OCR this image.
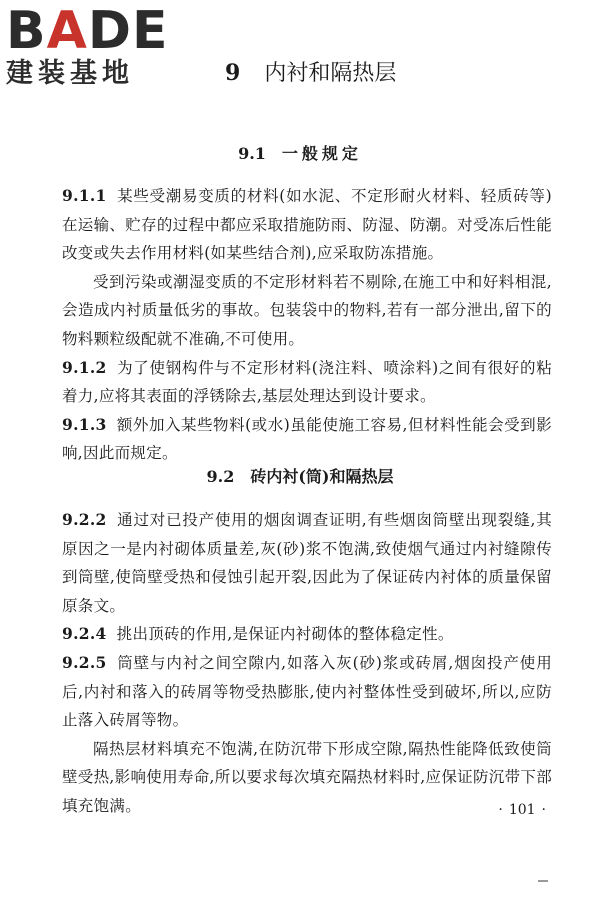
BADE
建装基地	9 内衬和隔热层
9.1 一般规定

9.1.1 某些受潮易变质的材料(如水泥、不定形耐火材料、轻质砖等)在运输、贮存的过程中都应采取措施防雨、防湿、防潮。对受冻后性能改变或失去作用材料(如某些结合剂),应采取防冻措施。

受到污染或潮湿变质的不定形材料若不剔除,在施工中和好料相混,会造成内衬质量低劣的事故。包装袋中的物料,若有一部分泄出,留下的物料颗粒级配就不准确,不可使用。

9.1.2 为了使钢构件与不定形材料(浇注料、喷涂料)之间有很好的粘着力,应将其表面的浮锈除去,基层处理达到设计要求。

9.1.3 额外加入某些物料(或水)虽能使施工容易,但材料性能会受到影响,因此而规定。

9.2 砖内衬(筒)和隔热层

9.2.2 通过对已投产使用的烟囱调查证明,有些烟囱筒壁出现裂缝,其原因之一是内衬砌体质量差,灰(砂)浆不饱满,致使烟气通过内衬缝隙传到筒壁,使筒壁受热和侵蚀引起开裂,因此为了保证砖内衬体的质量保留原条文。

9.2.4 挑出顶砖的作用,是保证内衬砌体的整体稳定性。

9.2.5 筒壁与内衬之间空隙内,如落入灰(砂)浆或砖屑,烟囱投产使用后,内衬和落入的砖屑等物受热膨胀,使内衬整体性受到破坏,所以,应防止落入砖屑等物。

隔热层材料填充不饱满,在防沉带下形成空隙,隔热性能降低致使筒壁受热,影响使用寿命,所以要求每次填充隔热材料时,应保证防沉带下部填充饱满。	· 101 ·
